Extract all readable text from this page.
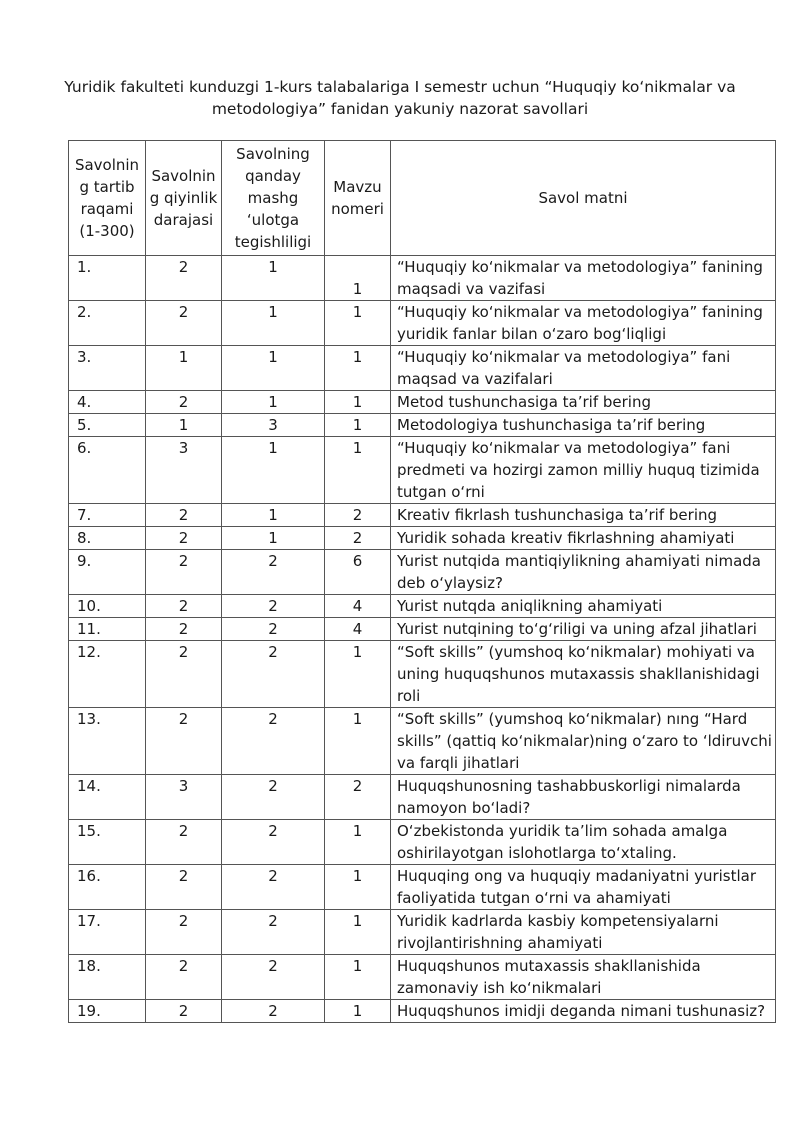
Yuridik fakulteti kunduzgi 1-kurs talabalariga I semestr uchun “Huquqiy koʻnikmalar va
metodologiya” fanidan yakuniy nazorat savollari
Savolnin g tartib raqami (1-300)	Savolnin g qiyinlik darajasi	Savolning qanday mashg ‘ulotga tegishliligi	Mavzu nomeri	Savol matni
1.	2	1	1	“Huquqiy ko‘nikmalar va metodologiya” fanining maqsadi va vazifasi
2.	2	1	1	“Huquqiy ko‘nikmalar va metodologiya” fanining yuridik fanlar bilan o‘zaro bog‘liqligi
3.	1	1	1	“Huquqiy ko‘nikmalar va metodologiya” fani maqsad va vazifalari
4.	2	1	1	Metod tushunchasiga ta’rif bering
5.	1	3	1	Metodologiya tushunchasiga ta’rif bering
6.	3	1	1	“Huquqiy ko‘nikmalar va metodologiya” fani predmeti va hozirgi zamon milliy huquq tizimida tutgan o‘rni
7.	2	1	2	Kreativ fikrlash tushunchasiga ta’rif bering
8.	2	1	2	Yuridik sohada kreativ fikrlashning ahamiyati
9.	2	2	6	Yurist nutqida mantiqiylikning ahamiyati nimada deb o‘ylaysiz?
10.	2	2	4	Yurist nutqda aniqlikning ahamiyati
11.	2	2	4	Yurist nutqining to‘g‘riligi va uning afzal jihatlari
12.	2	2	1	“Soft skills” (yumshoq ko‘nikmalar) mohiyati va uning huquqshunos mutaxassis shakllanishidagi roli
13.	2	2	1	“Soft skills” (yumshoq ko‘nikmalar) nıng “Hard skills” (qattiq ko‘nikmalar)ning o‘zaro to ‘ldiruvchi va farqli jihatlari
14.	3	2	2	Huquqshunosning tashabbuskorligi nimalarda namoyon bo‘ladi?
15.	2	2	1	O‘zbekistonda yuridik ta’lim sohada amalga oshirilayotgan islohotlarga to‘xtaling.
16.	2	2	1	Huquqing ong va huquqiy madaniyatni yuristlar faoliyatida tutgan o‘rni va ahamiyati
17.	2	2	1	Yuridik kadrlarda kasbiy kompetensiyalarni rivojlantirishning ahamiyati
18.	2	2	1	Huquqshunos mutaxassis shakllanishida zamonaviy ish ko‘nikmalari
19.	2	2	1	Huquqshunos imidji deganda nimani tushunasiz?
